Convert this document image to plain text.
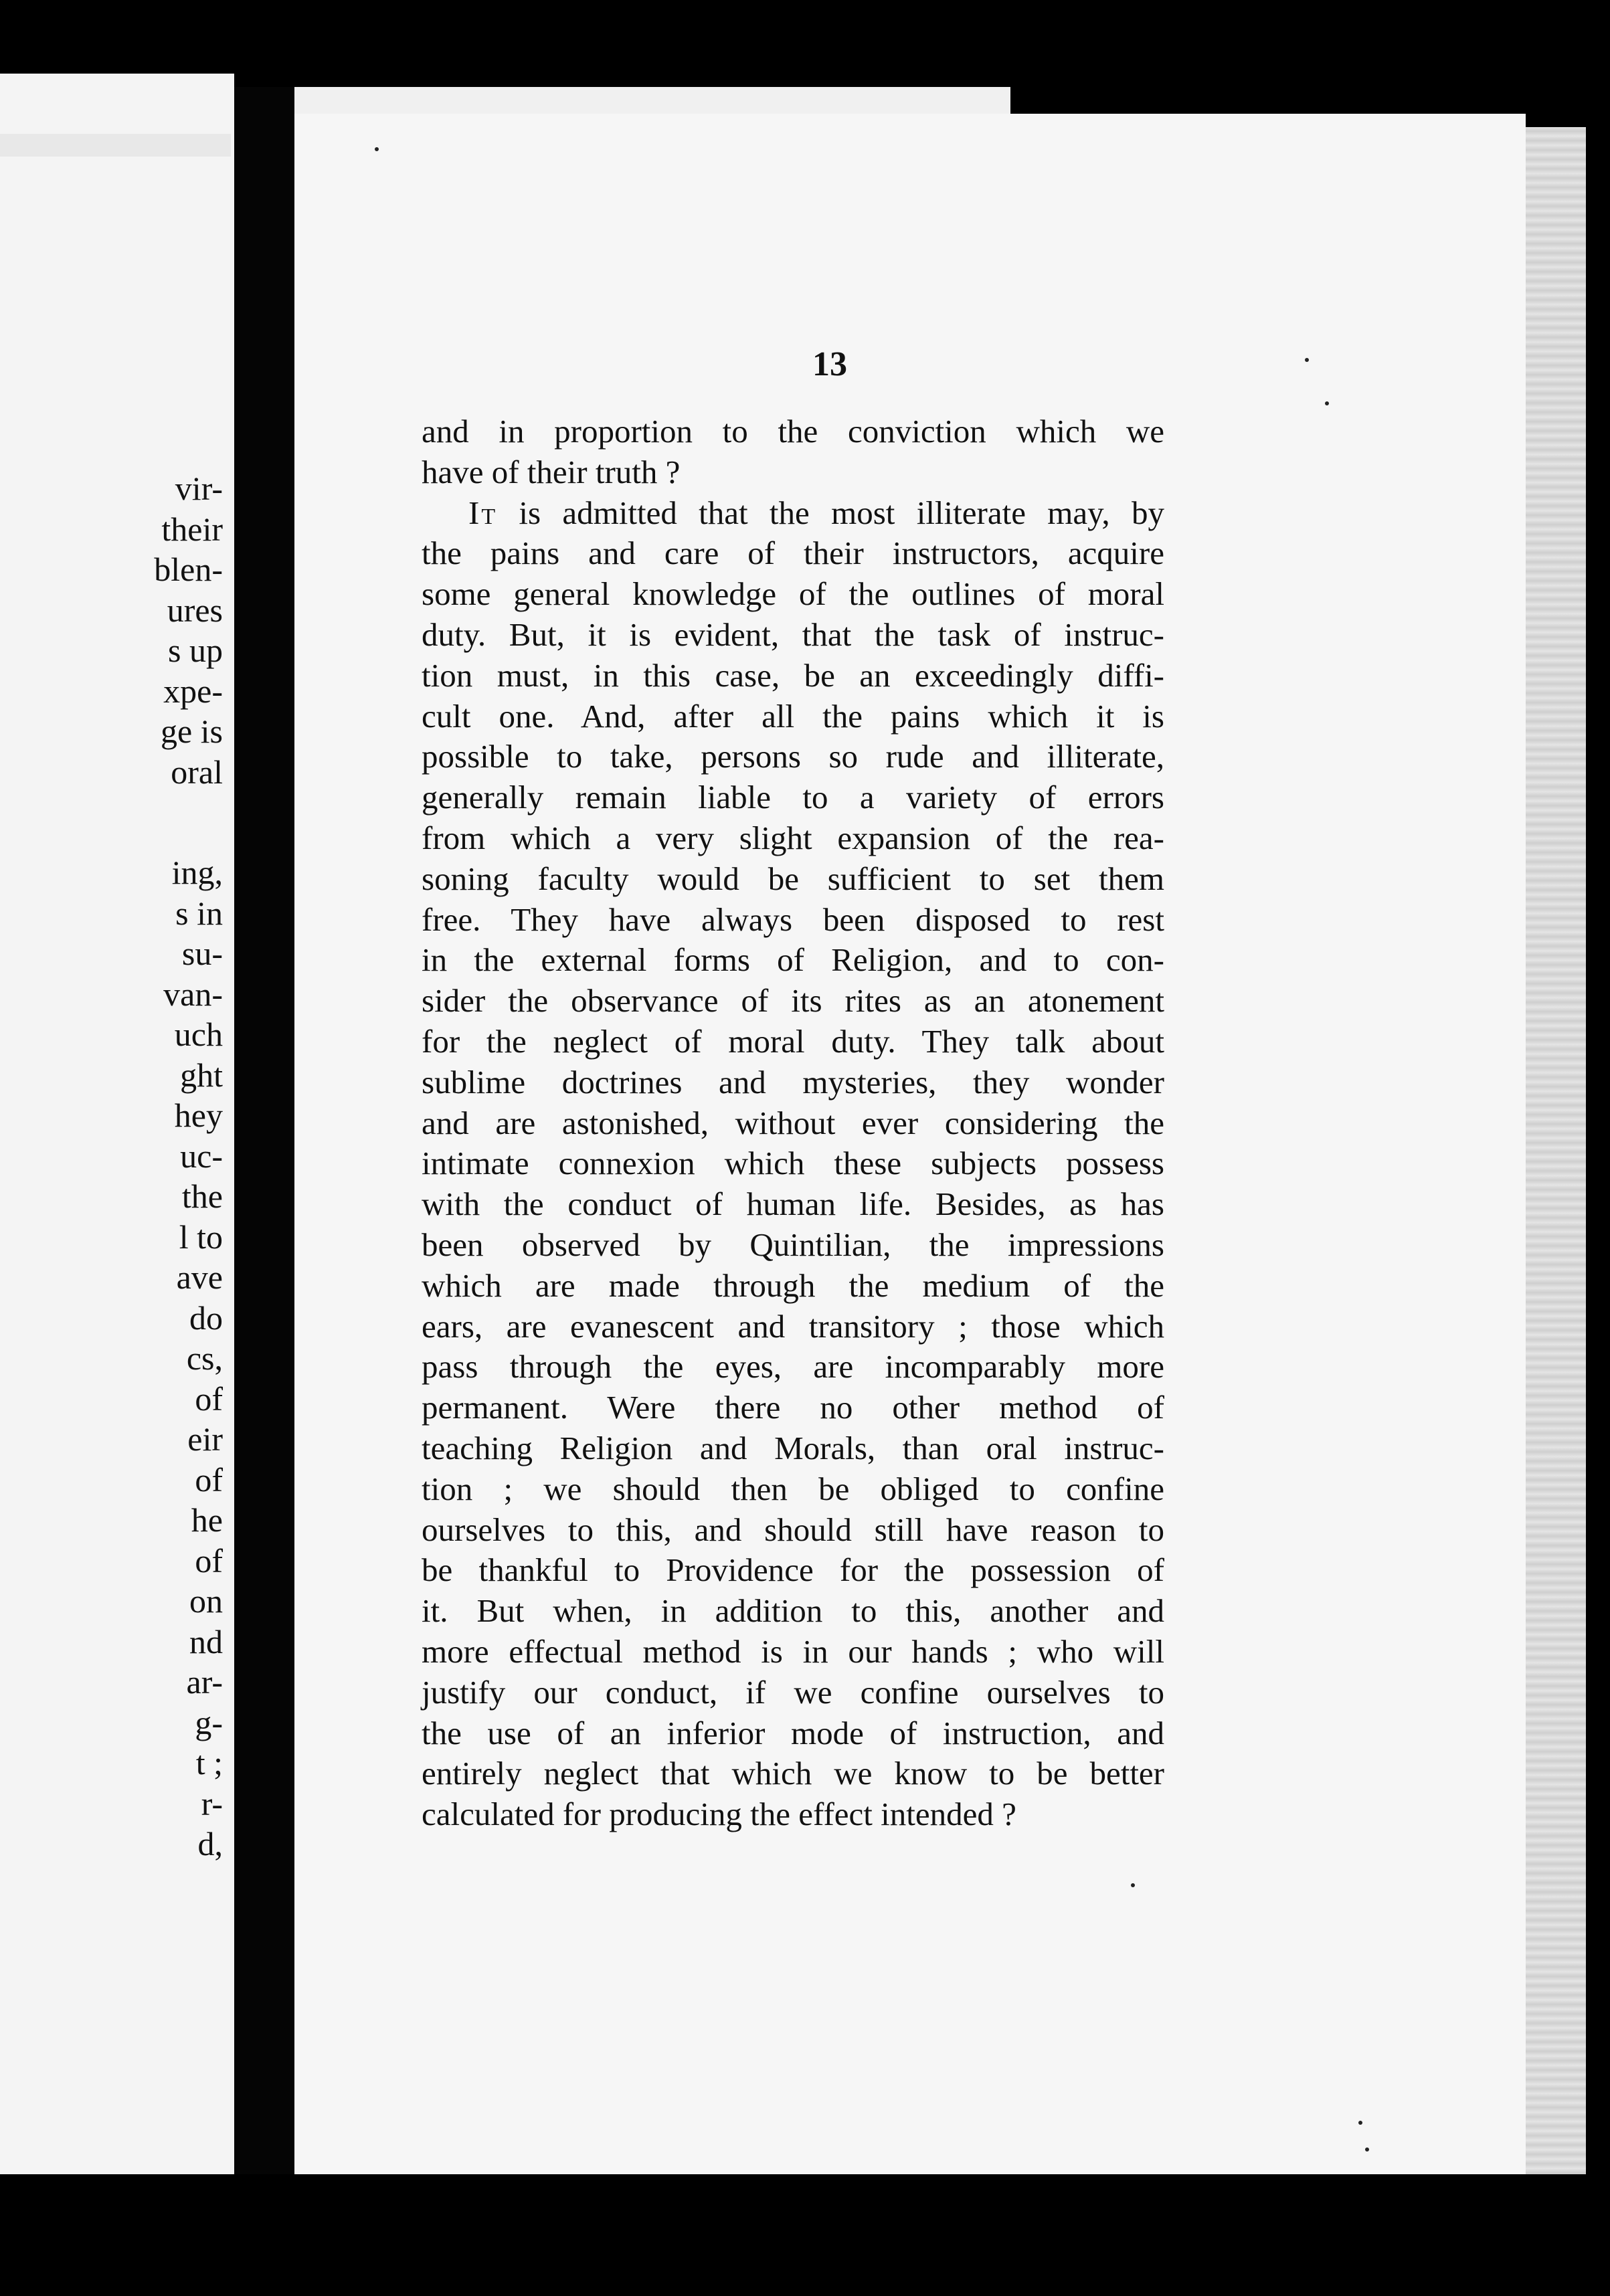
vir-
their
blen-
ures
s up
xpe-
ge is
oral
ing,
s in
su-
van-
uch
ght
hey
uc-
the
l to
ave
do
cs,
of
eir
of
he
of
on
nd
ar-
g-
t ;
r-
d,
13
and in proportion to the conviction which we
have of their truth ?
It is admitted that the most illiterate may, by
the pains and care of their instructors, acquire
some general knowledge of the outlines of moral
duty. But, it is evident, that the task of instruc-
tion must, in this case, be an exceedingly diffi-
cult one. And, after all the pains which it is
possible to take, persons so rude and illiterate,
generally remain liable to a variety of errors
from which a very slight expansion of the rea-
soning faculty would be sufficient to set them
free. They have always been disposed to rest
in the external forms of Religion, and to con-
sider the observance of its rites as an atonement
for the neglect of moral duty. They talk about
sublime doctrines and mysteries, they wonder
and are astonished, without ever considering the
intimate connexion which these subjects possess
with the conduct of human life. Besides, as has
been observed by Quintilian, the impressions
which are made through the medium of the
ears, are evanescent and transitory ; those which
pass through the eyes, are incomparably more
permanent. Were there no other method of
teaching Religion and Morals, than oral instruc-
tion ; we should then be obliged to confine
ourselves to this, and should still have reason to
be thankful to Providence for the possession of
it. But when, in addition to this, another and
more effectual method is in our hands ; who will
justify our conduct, if we confine ourselves to
the use of an inferior mode of instruction, and
entirely neglect that which we know to be better
calculated for producing the effect intended ?
